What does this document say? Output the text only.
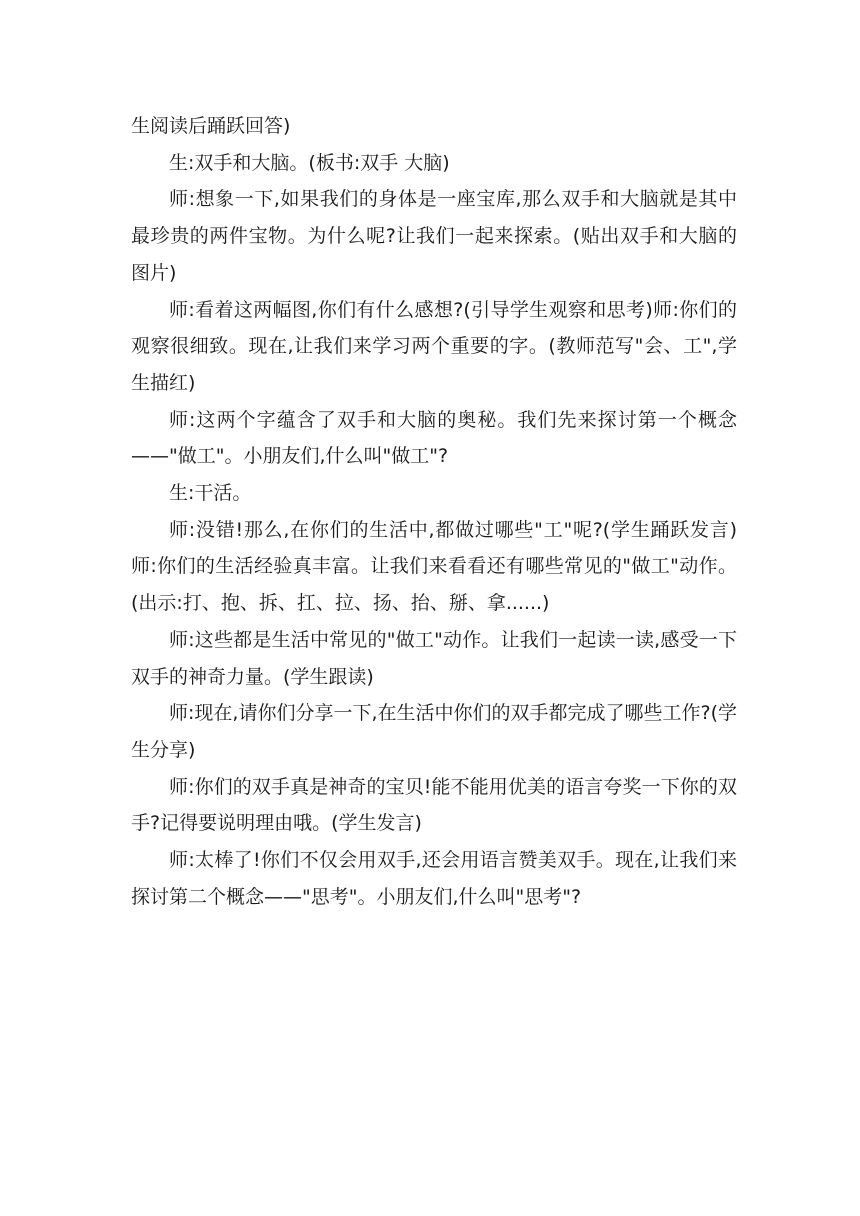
生阅读后踊跃回答)

生:双手和大脑。(板书:双手 大脑)

师:想象一下,如果我们的身体是一座宝库,那么双手和大脑就是其中最珍贵的两件宝物。为什么呢?让我们一起来探索。(贴出双手和大脑的图片)

师:看着这两幅图,你们有什么感想?(引导学生观察和思考)师:你们的观察很细致。现在,让我们来学习两个重要的字。(教师范写"会、工",学生描红)

师:这两个字蕴含了双手和大脑的奥秘。我们先来探讨第一个概念——"做工"。小朋友们,什么叫"做工"?

生:干活。

师:没错!那么,在你们的生活中,都做过哪些"工"呢?(学生踊跃发言)师:你们的生活经验真丰富。让我们来看看还有哪些常见的"做工"动作。(出示:打、抱、拆、扛、拉、扬、抬、掰、拿......)

师:这些都是生活中常见的"做工"动作。让我们一起读一读,感受一下双手的神奇力量。(学生跟读)

师:现在,请你们分享一下,在生活中你们的双手都完成了哪些工作?(学生分享)

师:你们的双手真是神奇的宝贝!能不能用优美的语言夸奖一下你的双手?记得要说明理由哦。(学生发言)

师:太棒了!你们不仅会用双手,还会用语言赞美双手。现在,让我们来探讨第二个概念——"思考"。小朋友们,什么叫"思考"?
